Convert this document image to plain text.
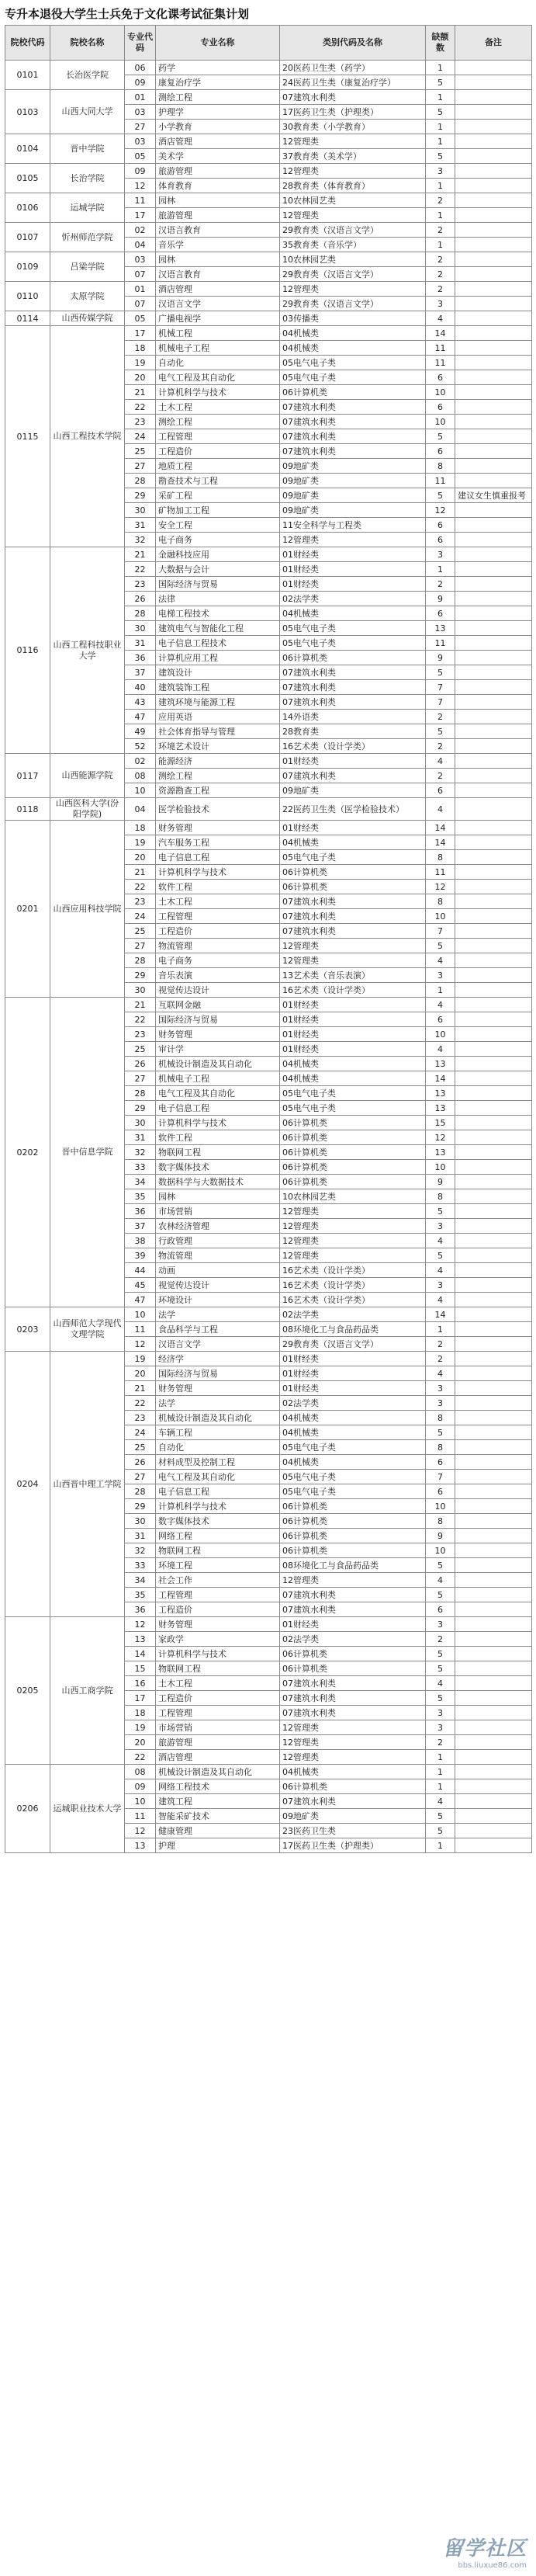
专升本退役大学生士兵免于文化课考试征集计划
院校代码	院校名称	专业代码	专业名称	类别代码及名称	缺额数	备注
0101	长治医学院	06	药学	20医药卫生类（药学）	1	
		09	康复治疗学	24医药卫生类（康复治疗学）	5	
0103	山西大同大学	01	测绘工程	07建筑水利类	1	
		03	护理学	17医药卫生类（护理类）	5	
		27	小学教育	30教育类（小学教育）	1	
0104	晋中学院	03	酒店管理	12管理类	1	
		05	美术学	37教育类（美术学）	5	
0105	长治学院	09	旅游管理	12管理类	3	
		12	体育教育	28教育类（体育教育）	1	
0106	运城学院	11	园林	10农林园艺类	2	
		17	旅游管理	12管理类	1	
0107	忻州师范学院	02	汉语言教育	29教育类（汉语言文学）	2	
		04	音乐学	35教育类（音乐学）	1	
0109	吕梁学院	03	园林	10农林园艺类	2	
		07	汉语言教育	29教育类（汉语言文学）	2	
0110	太原学院	01	酒店管理	12管理类	2	
		07	汉语言文学	29教育类（汉语言文学）	3	
0114	山西传媒学院	05	广播电视学	03传播类	4	
0115	山西工程技术学院	17	机械工程	04机械类	14	
		18	机械电子工程	04机械类	11	
		19	自动化	05电气电子类	11	
		20	电气工程及其自动化	05电气电子类	6	
		21	计算机科学与技术	06计算机类	10	
		22	土木工程	07建筑水利类	6	
		23	测绘工程	07建筑水利类	10	
		24	工程管理	07建筑水利类	5	
		25	工程造价	07建筑水利类	6	
		27	地质工程	09地矿类	8	
		28	勘查技术与工程	09地矿类	11	
		29	采矿工程	09地矿类	5	建议女生慎重报考
		30	矿物加工工程	09地矿类	12	
		31	安全工程	11安全科学与工程类	6	
		32	电子商务	12管理类	6	
0116	山西工程科技职业大学	21	金融科技应用	01财经类	3	
		22	大数据与会计	01财经类	1	
		23	国际经济与贸易	01财经类	2	
		26	法律	02法学类	9	
		28	电梯工程技术	04机械类	6	
		30	建筑电气与智能化工程	05电气电子类	13	
		31	电子信息工程技术	05电气电子类	11	
		36	计算机应用工程	06计算机类	9	
		37	建筑设计	07建筑水利类	5	
		40	建筑装饰工程	07建筑水利类	7	
		43	建筑环境与能源工程	07建筑水利类	7	
		47	应用英语	14外语类	2	
		49	社会体育指导与管理	28教育类	5	
		52	环境艺术设计	16艺术类（设计学类）	2	
0117	山西能源学院	02	能源经济	01财经类	4	
		08	测绘工程	07建筑水利类	2	
		10	资源勘查工程	09地矿类	6	
0118	山西医科大学(汾阳学院)	04	医学检验技术	22医药卫生类（医学检验技术）	4	
0201	山西应用科技学院	18	财务管理	01财经类	14	
		19	汽车服务工程	04机械类	14	
		20	电子信息工程	05电气电子类	8	
		21	计算机科学与技术	06计算机类	11	
		22	软件工程	06计算机类	12	
		23	土木工程	07建筑水利类	8	
		24	工程管理	07建筑水利类	10	
		25	工程造价	07建筑水利类	7	
		27	物流管理	12管理类	5	
		28	电子商务	12管理类	4	
		29	音乐表演	13艺术类（音乐表演）	3	
		30	视觉传达设计	16艺术类（设计学类）	1	
0202	晋中信息学院	21	互联网金融	01财经类	4	
		22	国际经济与贸易	01财经类	6	
		23	财务管理	01财经类	10	
		25	审计学	01财经类	4	
		26	机械设计制造及其自动化	04机械类	13	
		27	机械电子工程	04机械类	14	
		28	电气工程及其自动化	05电气电子类	13	
		29	电子信息工程	05电气电子类	13	
		30	计算机科学与技术	06计算机类	15	
		31	软件工程	06计算机类	12	
		32	物联网工程	06计算机类	13	
		33	数字媒体技术	06计算机类	10	
		34	数据科学与大数据技术	06计算机类	9	
		35	园林	10农林园艺类	8	
		36	市场营销	12管理类	5	
		37	农林经济管理	12管理类	3	
		38	行政管理	12管理类	4	
		39	物流管理	12管理类	5	
		44	动画	16艺术类（设计学类）	4	
		45	视觉传达设计	16艺术类（设计学类）	3	
		47	环境设计	16艺术类（设计学类）	4	
0203	山西师范大学现代文理学院	10	法学	02法学类	14	
		11	食品科学与工程	08环境化工与食品药品类	1	
		12	汉语言文学	29教育类（汉语言文学）	2	
0204	山西晋中理工学院	19	经济学	01财经类	2	
		20	国际经济与贸易	01财经类	4	
		21	财务管理	01财经类	3	
		22	法学	02法学类	3	
		23	机械设计制造及其自动化	04机械类	8	
		24	车辆工程	04机械类	5	
		25	自动化	05电气电子类	8	
		26	材料成型及控制工程	04机械类	6	
		27	电气工程及其自动化	05电气电子类	7	
		28	电子信息工程	05电气电子类	6	
		29	计算机科学与技术	06计算机类	10	
		30	数字媒体技术	06计算机类	8	
		31	网络工程	06计算机类	9	
		32	物联网工程	06计算机类	10	
		33	环境工程	08环境化工与食品药品类	5	
		34	社会工作	12管理类	4	
		35	工程管理	07建筑水利类	5	
		36	工程造价	07建筑水利类	6	
0205	山西工商学院	12	财务管理	01财经类	3	
		13	家政学	02法学类	2	
		14	计算机科学与技术	06计算机类	5	
		15	物联网工程	06计算机类	5	
		16	土木工程	07建筑水利类	4	
		17	工程造价	07建筑水利类	5	
		18	工程管理	07建筑水利类	3	
		19	市场营销	12管理类	3	
		20	旅游管理	12管理类	2	
		22	酒店管理	12管理类	1	
0206	运城职业技术大学	08	机械设计制造及其自动化	04机械类	1	
		09	网络工程技术	06计算机类	1	
		10	建筑工程	07建筑水利类	4	
		11	智能采矿技术	09地矿类	5	
		12	健康管理	23医药卫生类	5	
		13	护理	17医药卫生类（护理类）	1	
留学社区
bbs.liuxue86.com
